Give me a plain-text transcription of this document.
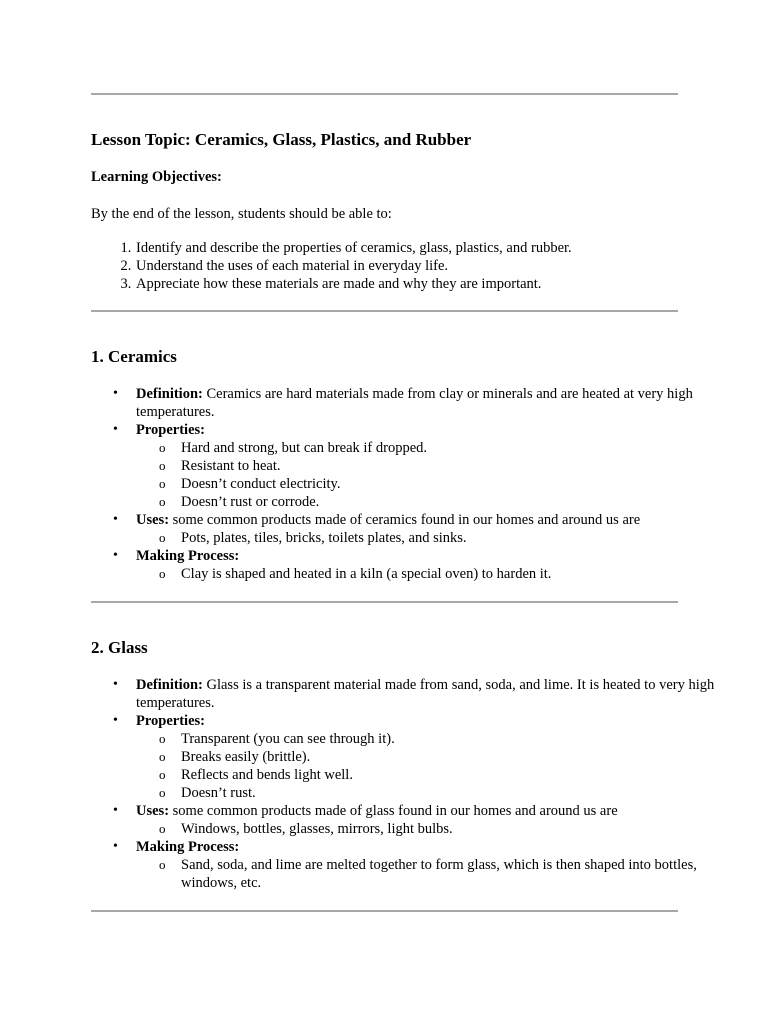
Lesson Topic: Ceramics, Glass, Plastics, and Rubber

Learning Objectives:

By the end of the lesson, students should be able to:

1. Identify and describe the properties of ceramics, glass, plastics, and rubber.
2. Understand the uses of each material in everyday life.
3. Appreciate how these materials are made and why they are important.
1. Ceramics
• Definition: Ceramics are hard materials made from clay or minerals and are heated at very high temperatures.
• Properties:
o Hard and strong, but can break if dropped.
o Resistant to heat.
o Doesn’t conduct electricity.
o Doesn’t rust or corrode.
• Uses: some common products made of ceramics found in our homes and around us are
o Pots, plates, tiles, bricks, toilets plates, and sinks.
• Making Process:
o Clay is shaped and heated in a kiln (a special oven) to harden it.
2. Glass
• Definition: Glass is a transparent material made from sand, soda, and lime. It is heated to very high temperatures.
• Properties:
o Transparent (you can see through it).
o Breaks easily (brittle).
o Reflects and bends light well.
o Doesn’t rust.
• Uses: some common products made of glass found in our homes and around us are
o Windows, bottles, glasses, mirrors, light bulbs.
• Making Process:
o Sand, soda, and lime are melted together to form glass, which is then shaped into bottles, windows, etc.
